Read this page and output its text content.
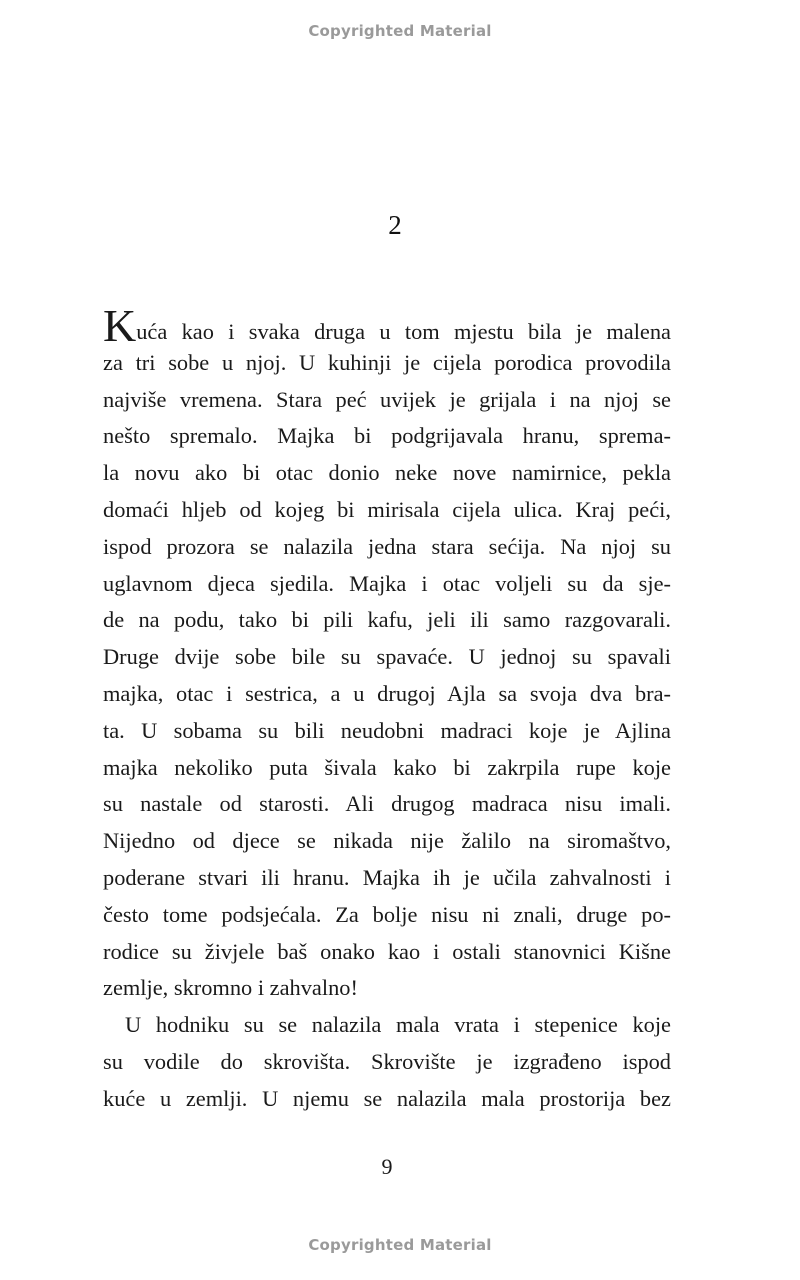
Copyrighted Material
2
Kuća kao i svaka druga u tom mjestu bila je malena
za tri sobe u njoj. U kuhinji je cijela porodica provodila
najviše vremena. Stara peć uvijek je grijala i na njoj se
nešto spremalo. Majka bi podgrijavala hranu, sprema-
la novu ako bi otac donio neke nove namirnice, pekla
domaći hljeb od kojeg bi mirisala cijela ulica. Kraj peći,
ispod prozora se nalazila jedna stara sećija. Na njoj su
uglavnom djeca sjedila. Majka i otac voljeli su da sje-
de na podu, tako bi pili kafu, jeli ili samo razgovarali.
Druge dvije sobe bile su spavaće. U jednoj su spavali
majka, otac i sestrica, a u drugoj Ajla sa svoja dva bra-
ta. U sobama su bili neudobni madraci koje je Ajlina
majka nekoliko puta šivala kako bi zakrpila rupe koje
su nastale od starosti. Ali drugog madraca nisu imali.
Nijedno od djece se nikada nije žalilo na siromaštvo,
poderane stvari ili hranu. Majka ih je učila zahvalnosti i
često tome podsjećala. Za bolje nisu ni znali, druge po-
rodice su živjele baš onako kao i ostali stanovnici Kišne
zemlje, skromno i zahvalno!
U hodniku su se nalazila mala vrata i stepenice koje
su vodile do skrovišta. Skrovište je izgrađeno ispod
kuće u zemlji. U njemu se nalazila mala prostorija bez
9
Copyrighted Material
